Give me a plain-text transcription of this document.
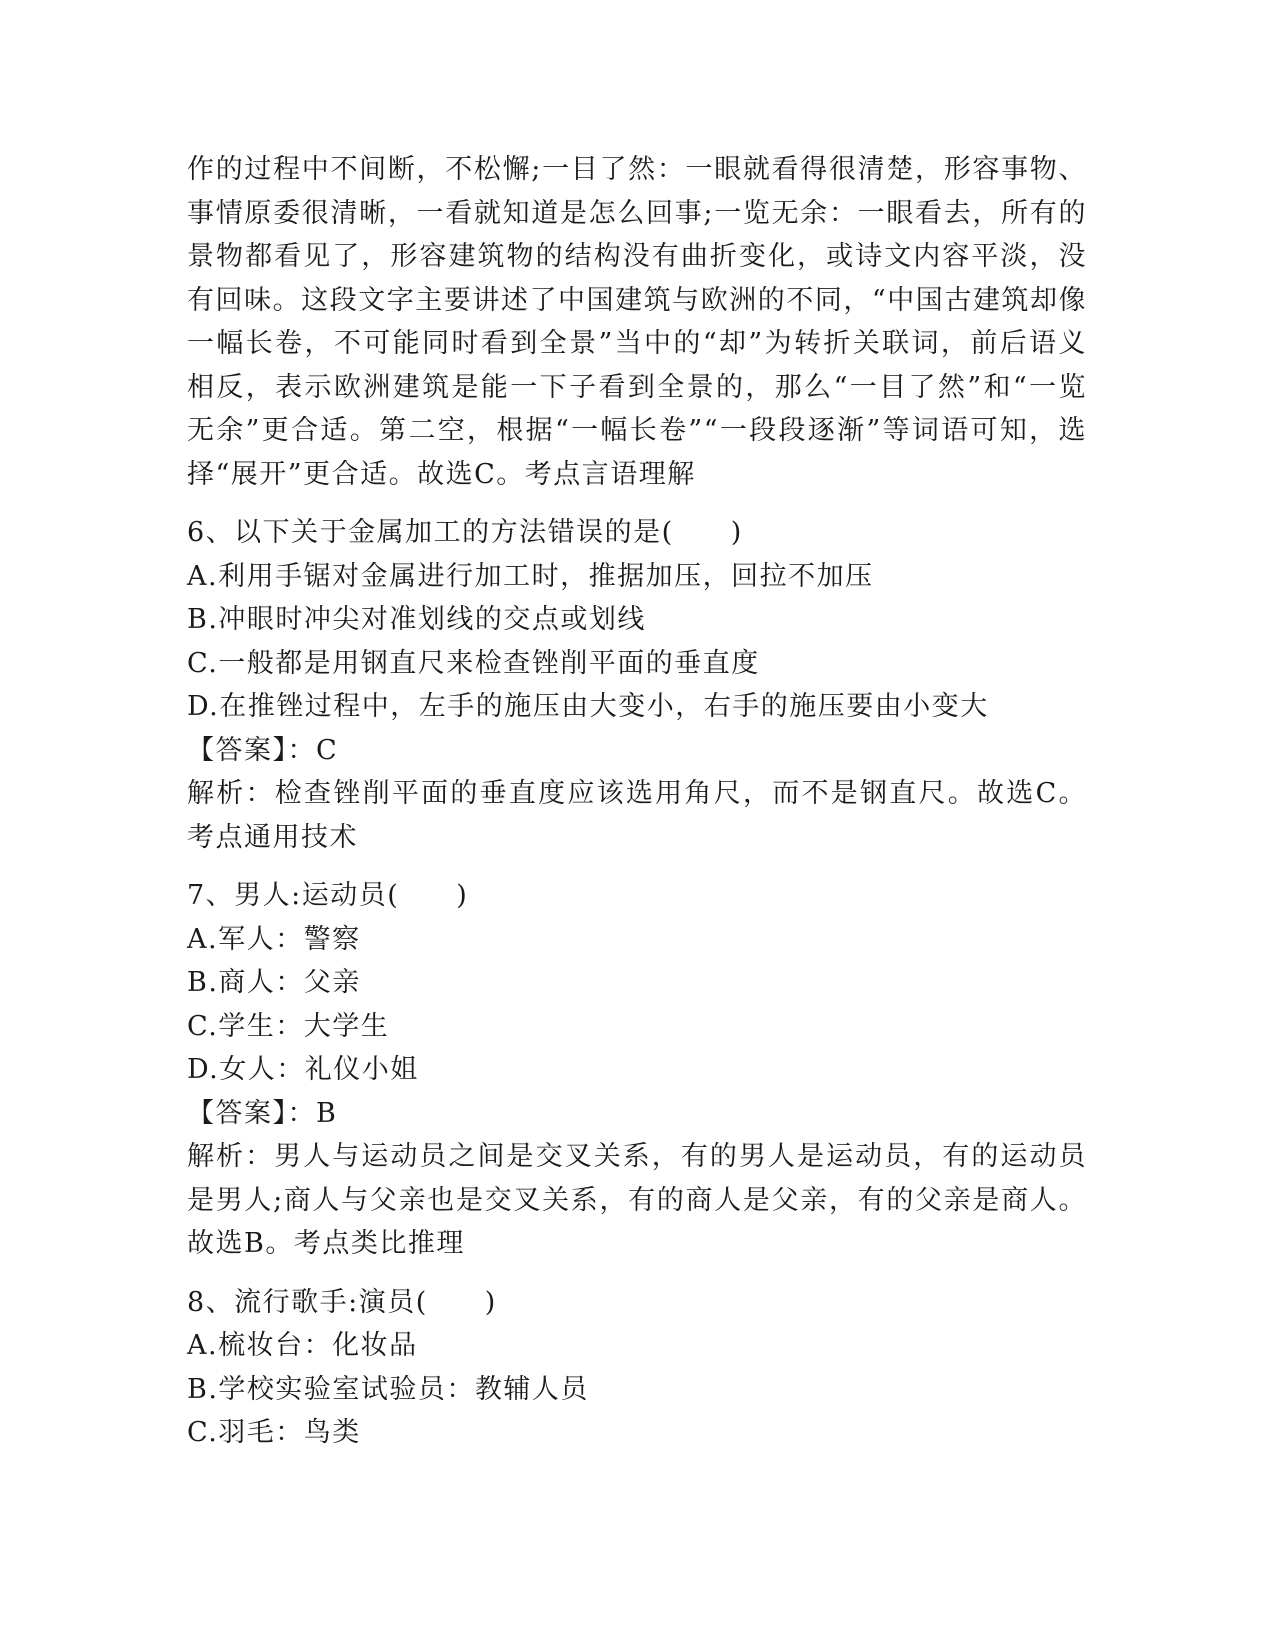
作的过程中不间断，不松懈;一目了然：一眼就看得很清楚，形容事物、事情原委很清晰，一看就知道是怎么回事;一览无余：一眼看去，所有的景物都看见了，形容建筑物的结构没有曲折变化，或诗文内容平淡，没有回味。这段文字主要讲述了中国建筑与欧洲的不同，“中国古建筑却像一幅长卷，不可能同时看到全景”当中的“却”为转折关联词，前后语义相反，表示欧洲建筑是能一下子看到全景的，那么“一目了然”和“一览无余”更合适。第二空，根据“一幅长卷”“一段段逐渐”等词语可知，选择“展开”更合适。故选C。考点言语理解

6、以下关于金属加工的方法错误的是(　　)
A.利用手锯对金属进行加工时，推据加压，回拉不加压
B.冲眼时冲尖对准划线的交点或划线
C.一般都是用钢直尺来检查锉削平面的垂直度
D.在推锉过程中，左手的施压由大变小，右手的施压要由小变大
【答案】：C
解析：检查锉削平面的垂直度应该选用角尺，而不是钢直尺。故选C。考点通用技术
7、男人:运动员(　　)
A.军人：警察
B.商人：父亲
C.学生：大学生
D.女人：礼仪小姐
【答案】：B
解析：男人与运动员之间是交叉关系，有的男人是运动员，有的运动员是男人;商人与父亲也是交叉关系，有的商人是父亲，有的父亲是商人。故选B。考点类比推理
8、流行歌手:演员(　　)
A.梳妆台：化妆品
B.学校实验室试验员：教辅人员
C.羽毛：鸟类
